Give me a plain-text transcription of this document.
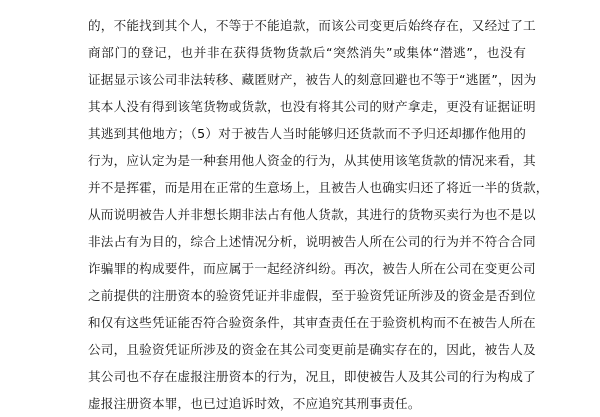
的，不能找到其个人，不等于不能追款，而该公司变更后始终存在，又经过了工
商部门的登记，也并非在获得货物货款后“突然消失”或集体“潜逃”，也没有
证据显示该公司非法转移、藏匿财产，被告人的刻意回避也不等于“逃匿”，因为
其本人没有得到该笔货物或货款，也没有将其公司的财产拿走，更没有证据证明
其逃到其他地方；（5）对于被告人当时能够归还货款而不予归还却挪作他用的
行为，应认定为是一种套用他人资金的行为，从其使用该笔货款的情况来看，其
并不是挥霍，而是用在正常的生意场上，且被告人也确实归还了将近一半的货款，
从而说明被告人并非想长期非法占有他人货款，其进行的货物买卖行为也不是以
非法占有为目的，综合上述情况分析，说明被告人所在公司的行为并不符合合同
诈骗罪的构成要件，而应属于一起经济纠纷。再次，被告人所在公司在变更公司
之前提供的注册资本的验资凭证并非虚假，至于验资凭证所涉及的资金是否到位
和仅有这些凭证能否符合验资条件，其审查责任在于验资机构而不在被告人所在
公司，且验资凭证所涉及的资金在其公司变更前是确实存在的，因此，被告人及
其公司也不存在虚报注册资本的行为，况且，即使被告人及其公司的行为构成了
虚报注册资本罪，也已过追诉时效，不应追究其刑事责任。
